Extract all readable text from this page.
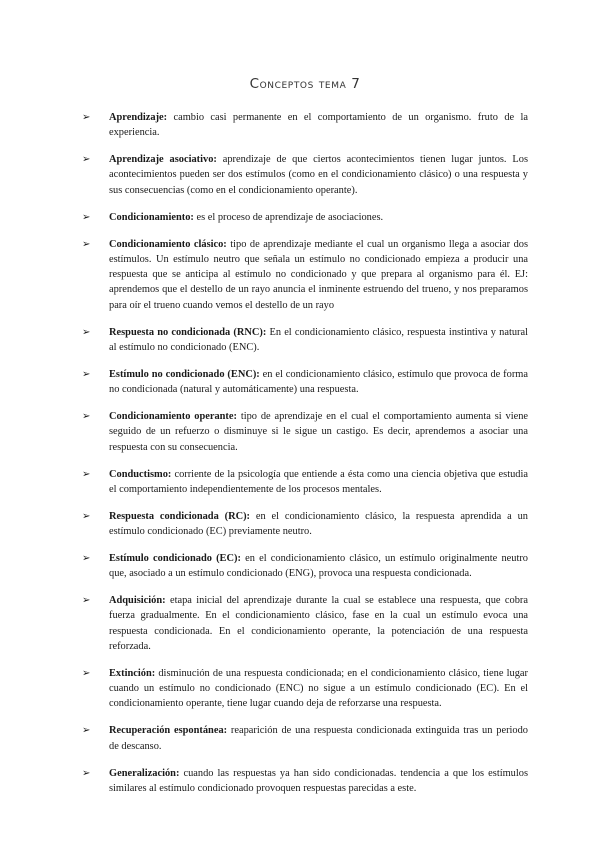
Conceptos tema 7
➢ Aprendizaje: cambio casi permanente en el comportamiento de un organismo. fruto de la experiencia.
➢ Aprendizaje asociativo: aprendizaje de que ciertos acontecimientos tienen lugar juntos. Los acontecimientos pueden ser dos estímulos (como en el condicionamiento clásico) o una respuesta y sus consecuencias (como en el condicionamiento operante).
➢ Condicionamiento: es el proceso de aprendizaje de asociaciones.
➢ Condicionamiento clásico: tipo de aprendizaje mediante el cual un organismo llega a asociar dos estímulos. Un estímulo neutro que señala un estímulo no condicionado empieza a producir una respuesta que se anticipa al estímulo no condicionado y que prepara al organismo para él. EJ: aprendemos que el destello de un rayo anuncia el inminente estruendo del trueno, y nos preparamos para oír el trueno cuando vemos el destello de un rayo
➢ Respuesta no condicionada (RNC): En el condicionamiento clásico, respuesta instintiva y natural al estímulo no condicionado (ENC).
➢ Estímulo no condicionado (ENC): en el condicionamiento clásico, estímulo que provoca de forma no condicionada (natural y automáticamente) una respuesta.
➢ Condicionamiento operante: tipo de aprendizaje en el cual el comportamiento aumenta si viene seguido de un refuerzo o disminuye si le sigue un castigo. Es decir, aprendemos a asociar una respuesta con su consecuencia.
➢ Conductismo: corriente de la psicología que entiende a ésta como una ciencia objetiva que estudia el comportamiento independientemente de los procesos mentales.
➢ Respuesta condicionada (RC): en el condicionamiento clásico, la respuesta aprendida a un estímulo condicionado (EC) previamente neutro.
➢ Estímulo condicionado (EC): en el condicionamiento clásico, un estímulo originalmente neutro que, asociado a un estímulo condicionado (ENG), provoca una respuesta condicionada.
➢ Adquisición: etapa inicial del aprendizaje durante la cual se establece una respuesta, que cobra fuerza gradualmente. En el condicionamiento clásico, fase en la cual un estímulo evoca una respuesta condicionada. En el condicionamiento operante, la potenciación de una respuesta reforzada.
➢ Extinción: disminución de una respuesta condicionada; en el condicionamiento clásico, tiene lugar cuando un estímulo no condicionado (ENC) no sigue a un estímulo condicionado (EC). En el condicionamiento operante, tiene lugar cuando deja de reforzarse una respuesta.
➢ Recuperación espontánea: reaparición de una respuesta condicionada extinguida tras un periodo de descanso.
➢ Generalización: cuando las respuestas ya han sido condicionadas. tendencia a que los estímulos similares al estímulo condicionado provoquen respuestas parecidas a este.
